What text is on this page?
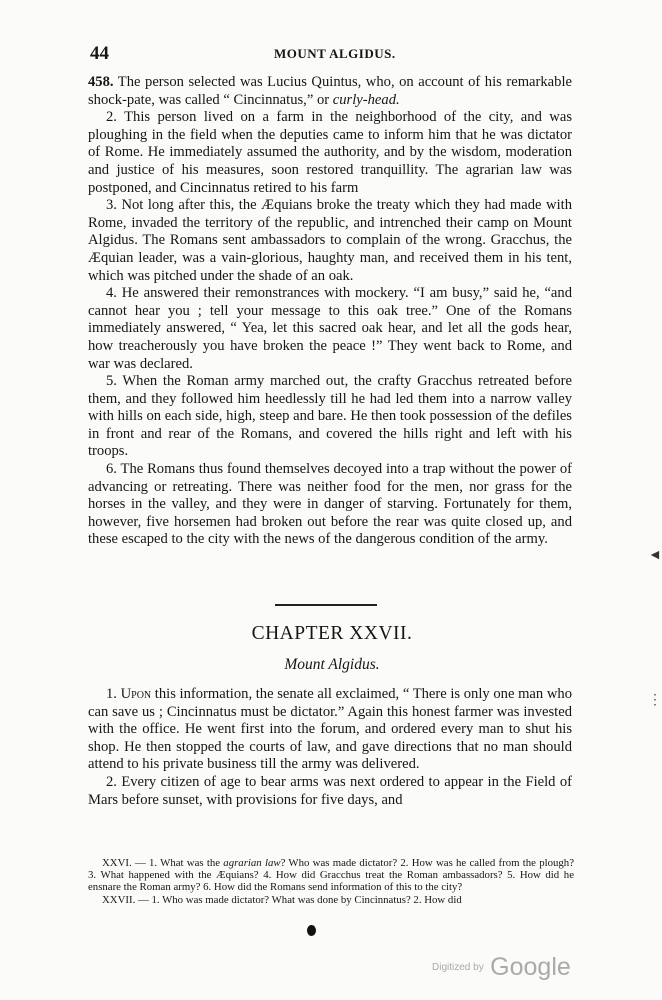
44	MOUNT ALGIDUS.

458. The person selected was Lucius Quintus, who, on account of his remarkable shock-pate, was called “ Cincinnatus,” or curly-head.

2. This person lived on a farm in the neighborhood of the city, and was ploughing in the field when the deputies came to inform him that he was dictator of Rome. He immediately assumed the authority, and by the wisdom, moderation and justice of his measures, soon restored tranquillity. The agrarian law was postponed, and Cincinnatus retired to his farm

3. Not long after this, the Æquians broke the treaty which they had made with Rome, invaded the territory of the republic, and intrenched their camp on Mount Algidus. The Romans sent ambassadors to complain of the wrong. Gracchus, the Æquian leader, was a vain-glorious, haughty man, and received them in his tent, which was pitched under the shade of an oak.

4. He answered their remonstrances with mockery. “I am busy,” said he, “and cannot hear you ; tell your message to this oak tree.” One of the Romans immediately answered, “ Yea, let this sacred oak hear, and let all the gods hear, how treacherously you have broken the peace !” They went back to Rome, and war was declared.

5. When the Roman army marched out, the crafty Gracchus retreated before them, and they followed him heedlessly till he had led them into a narrow valley with hills on each side, high, steep and bare. He then took possession of the defiles in front and rear of the Romans, and covered the hills right and left with his troops.

6. The Romans thus found themselves decoyed into a trap without the power of advancing or retreating. There was neither food for the men, nor grass for the horses in the valley, and they were in danger of starving. Fortunately for them, however, five horsemen had broken out before the rear was quite closed up, and these escaped to the city with the news of the dangerous condition of the army.

CHAPTER XXVII.
Mount Algidus.

1. Upon this information, the senate all exclaimed, “ There is only one man who can save us ; Cincinnatus must be dictator.” Again this honest farmer was invested with the office. He went first into the forum, and ordered every man to shut his shop. He then stopped the courts of law, and gave directions that no man should attend to his private business till the army was delivered.

2. Every citizen of age to bear arms was next ordered to appear in the Field of Mars before sunset, with provisions for five days, and

XXVI. — 1. What was the agrarian law? Who was made dictator? 2. How was he called from the plough? 3. What happened with the Æquians? 4. How did Gracchus treat the Roman ambassadors? 5. How did he ensnare the Roman army? 6. How did the Romans send information of this to the city?

XXVII. — 1. Who was made dictator? What was done by Cincinnatus? 2. How did

◄
⋮
Digitized by Google
